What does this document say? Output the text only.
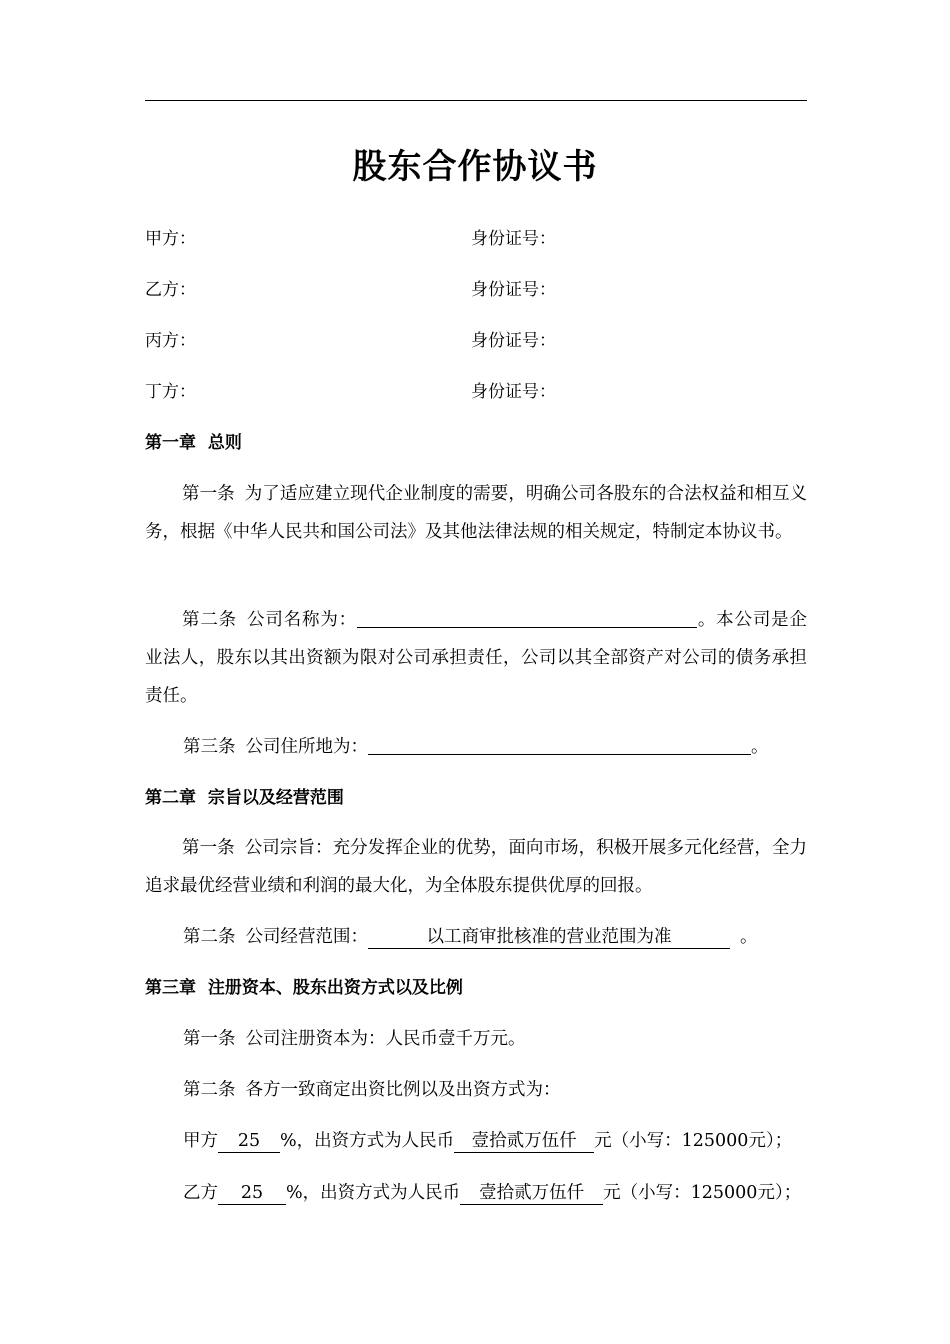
股东合作协议书
甲方：	身份证号：
乙方：	身份证号：
丙方：	身份证号：
丁方：	身份证号：
第一章  总则
第一条 为了适应建立现代企业制度的需要，明确公司各股东的合法权益和相互义务，根据《中华人民共和国公司法》及其他法律法规的相关规定，特制定本协议书。
第二条 公司名称为：	。本公司是企业法人，股东以其出资额为限对公司承担责任，公司以其全部资产对公司的债务承担责任。
第三条 公司住所地为：	。
第二章  宗旨以及经营范围
第一条 公司宗旨：充分发挥企业的优势，面向市场，积极开展多元化经营，全力追求最优经营业绩和利润的最大化，为全体股东提供优厚的回报。
第二条 公司经营范围：	以工商审批核准的营业范围为准	。
第三章  注册资本、股东出资方式以及比例
第一条 公司注册资本为：人民币壹千万元。
第二条 各方一致商定出资比例以及出资方式为：
甲方 25 %，出资方式为人民币 壹拾贰万伍仟 元（小写：125000元）；
乙方 25 %，出资方式为人民币 壹拾贰万伍仟 元（小写：125000元）；
